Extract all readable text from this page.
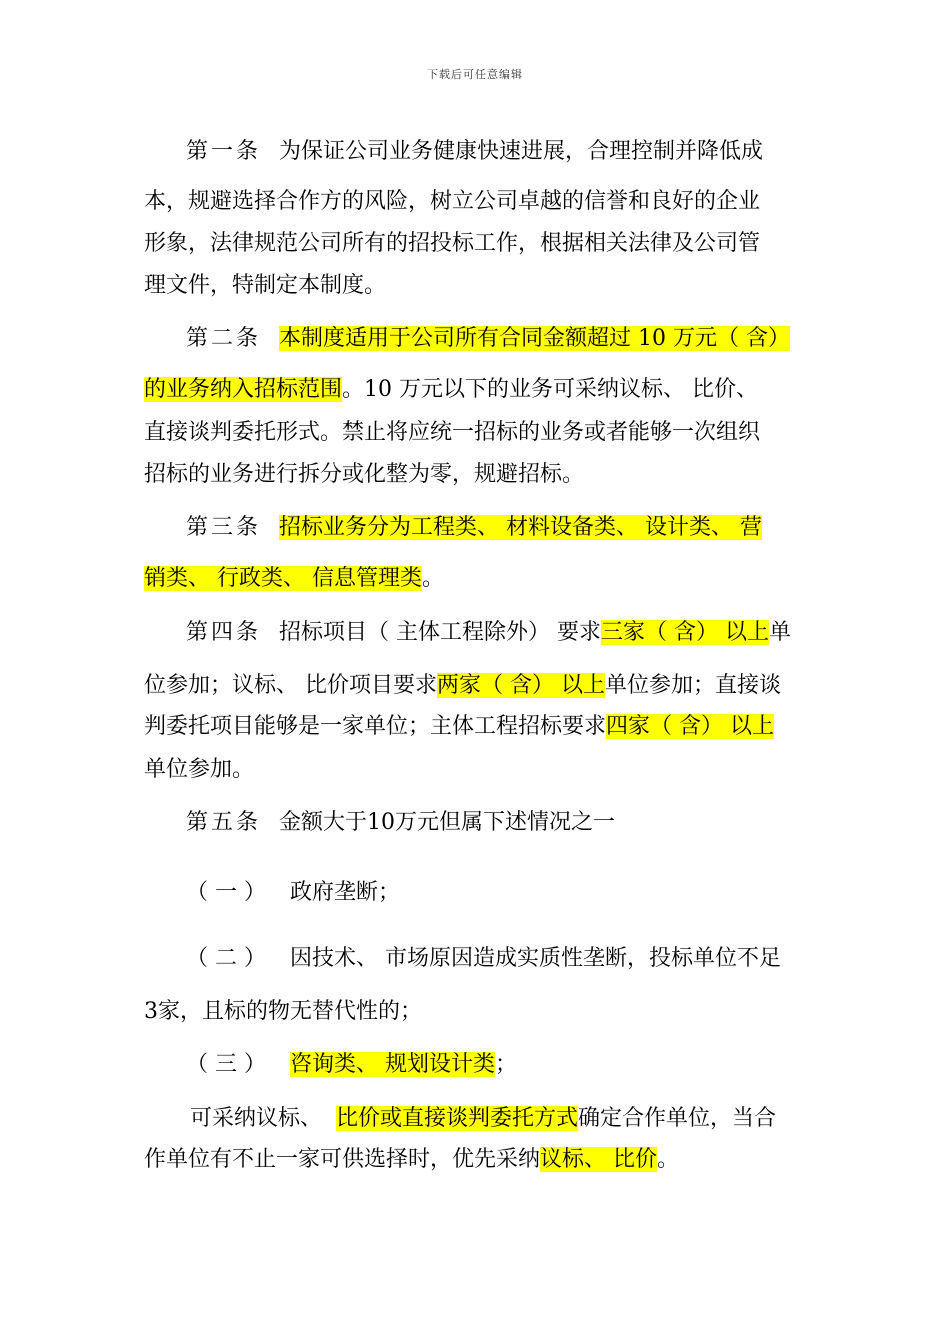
下载后可任意编辑
第一条 为保证公司业务健康快速进展，合理控制并降低成
本，规避选择合作方的风险，树立公司卓越的信誉和良好的企业
形象，法律规范公司所有的招投标工作，根据相关法律及公司管
理文件，特制定本制度。
第二条 本制度适用于公司所有合同金额超过 10 万元（ 含）
的业务纳入招标范围。10 万元以下的业务可采纳议标、 比价、
直接谈判委托形式。禁止将应统一招标的业务或者能够一次组织
招标的业务进行拆分或化整为零，规避招标。
第三条 招标业务分为工程类、 材料设备类、 设计类、 营
销类、 行政类、 信息管理类。
第四条 招标项目（ 主体工程除外） 要求三家（ 含） 以上单
位参加；议标、 比价项目要求两家（ 含） 以上单位参加；直接谈
判委托项目能够是一家单位；主体工程招标要求四家（ 含） 以上
单位参加。
第五条 金额大于10万元但属下述情况之一
（ 一 ） 政府垄断；
（ 二 ） 因技术、 市场原因造成实质性垄断，投标单位不足
3家，且标的物无替代性的；
（ 三 ） 咨询类、 规划设计类；
可采纳议标、 比价或直接谈判委托方式确定合作单位，当合
作单位有不止一家可供选择时，优先采纳议标、 比价。
